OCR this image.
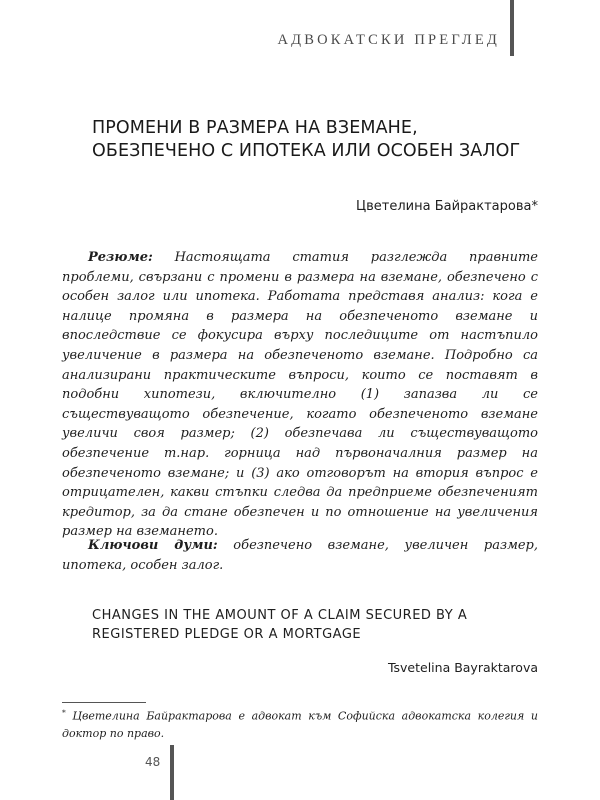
АДВОКАТСКИ ПРЕГЛЕД
ПРОМЕНИ В РАЗМЕРА НА ВЗЕМАНЕ, ОБЕЗПЕЧЕНО С ИПОТЕКА ИЛИ ОСОБЕН ЗАЛОГ

Цветелина Байрактарова*

Резюме: Настоящата статия разглежда правните проблеми, свързани с промени в размера на вземане, обезпечено с особен залог или ипотека. Работата представя анализ: кога е налице промяна в размера на обезпеченото вземане и впоследствие се фокусира върху последиците от настъпило увеличение в размера на обезпеченото вземане. Подробно са анализирани практическите въпроси, които се поставят в подобни хипотези, включително (1) запазва ли се съществуващото обезпечение, когато обезпеченото вземане увеличи своя размер; (2) обезпечава ли съществуващото обезпечение т.нар. горница над първоначалния размер на обезпеченото вземане; и (3) ако отговорът на втория въпрос е отрицателен, какви стъпки следва да предприеме обезпеченият кредитор, за да стане обезпечен и по отношение на увеличения размер на вземането.

Ключови думи: обезпечено вземане, увеличен размер, ипотека, особен залог.

CHANGES IN THE AMOUNT OF A CLAIM SECURED BY A REGISTERED PLEDGE OR A MORTGAGE

Tsvetelina Bayraktarova

* Цветелина Байрактарова е адвокат към Софийска адвокатска колегия и доктор по право.

48
